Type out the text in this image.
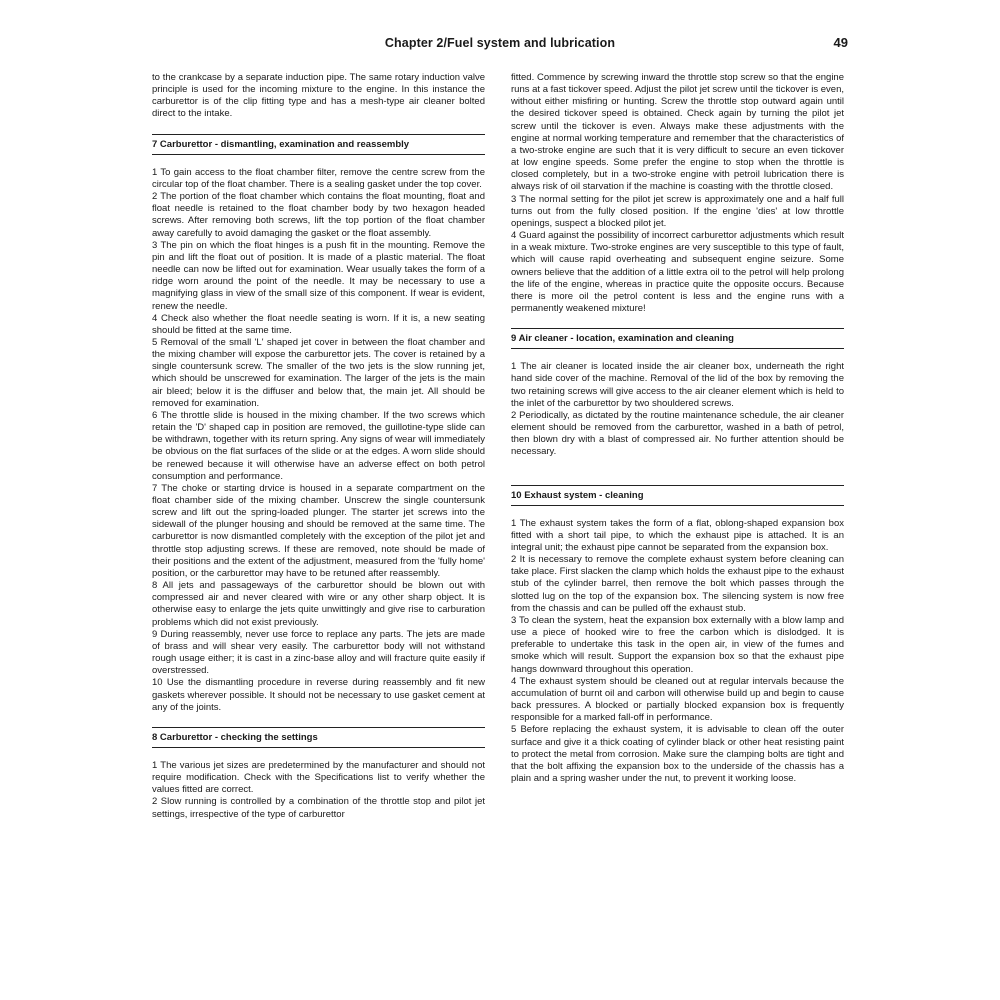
Chapter 2/Fuel system and lubrication	49

to the crankcase by a separate induction pipe. The same rotary induction valve principle is used for the incoming mixture to the engine. In this instance the carburettor is of the clip fitting type and has a mesh-type air cleaner bolted direct to the intake.

7 Carburettor - dismantling, examination and reassembly

1 To gain access to the float chamber filter, remove the centre screw from the circular top of the float chamber. There is a sealing gasket under the top cover.

2 The portion of the float chamber which contains the float mounting, float and float needle is retained to the float chamber body by two hexagon headed screws. After removing both screws, lift the top portion of the float chamber away carefully to avoid damaging the gasket or the float assembly.

3 The pin on which the float hinges is a push fit in the mounting. Remove the pin and lift the float out of position. It is made of a plastic material. The float needle can now be lifted out for examination. Wear usually takes the form of a ridge worn around the point of the needle. It may be necessary to use a magnifying glass in view of the small size of this component. If wear is evident, renew the needle.

4 Check also whether the float needle seating is worn. If it is, a new seating should be fitted at the same time.

5 Removal of the small 'L' shaped jet cover in between the float chamber and the mixing chamber will expose the carburettor jets. The cover is retained by a single countersunk screw. The smaller of the two jets is the slow running jet, which should be unscrewed for examination. The larger of the jets is the main air bleed; below it is the diffuser and below that, the main jet. All should be removed for examination.

6 The throttle slide is housed in the mixing chamber. If the two screws which retain the 'D' shaped cap in position are removed, the guillotine-type slide can be withdrawn, together with its return spring. Any signs of wear will immediately be obvious on the flat surfaces of the slide or at the edges. A worn slide should be renewed because it will otherwise have an adverse effect on both petrol consumption and performance.

7 The choke or starting drvice is housed in a separate compartment on the float chamber side of the mixing chamber. Unscrew the single countersunk screw and lift out the spring-loaded plunger. The starter jet screws into the sidewall of the plunger housing and should be removed at the same time. The carburettor is now dismantled completely with the exception of the pilot jet and throttle stop adjusting screws. If these are removed, note should be made of their positions and the extent of the adjustment, measured from the 'fully home' position, or the carburettor may have to be retuned after reassembly.

8 All jets and passageways of the carburettor should be blown out with compressed air and never cleared with wire or any other sharp object. It is otherwise easy to enlarge the jets quite unwittingly and give rise to carburation problems which did not exist previously.

9 During reassembly, never use force to replace any parts. The jets are made of brass and will shear very easily. The carburettor body will not withstand rough usage either; it is cast in a zinc-base alloy and will fracture quite easily if overstressed.

10 Use the dismantling procedure in reverse during reassembly and fit new gaskets wherever possible. It should not be necessary to use gasket cement at any of the joints.

8 Carburettor - checking the settings

1 The various jet sizes are predetermined by the manufacturer and should not require modification. Check with the Specifications list to verify whether the values fitted are correct.

2 Slow running is controlled by a combination of the throttle stop and pilot jet settings, irrespective of the type of carburettor

fitted. Commence by screwing inward the throttle stop screw so that the engine runs at a fast tickover speed. Adjust the pilot jet screw until the tickover is even, without either misfiring or hunting. Screw the throttle stop outward again until the desired tickover speed is obtained. Check again by turning the pilot jet screw until the tickover is even. Always make these adjustments with the engine at normal working temperature and remember that the characteristics of a two-stroke engine are such that it is very difficult to secure an even tickover at low engine speeds. Some prefer the engine to stop when the throttle is closed completely, but in a two-stroke engine with petroil lubrication there is always risk of oil starvation if the machine is coasting with the throttle closed.

3 The normal setting for the pilot jet screw is approximately one and a half full turns out from the fully closed position. If the engine 'dies' at low throttle openings, suspect a blocked pilot jet.

4 Guard against the possibility of incorrect carburettor adjustments which result in a weak mixture. Two-stroke engines are very susceptible to this type of fault, which will cause rapid overheating and subsequent engine seizure. Some owners believe that the addition of a little extra oil to the petrol will help prolong the life of the engine, whereas in practice quite the opposite occurs. Because there is more oil the petrol content is less and the engine runs with a permanently weakened mixture!

9 Air cleaner - location, examination and cleaning

1 The air cleaner is located inside the air cleaner box, underneath the right hand side cover of the machine. Removal of the lid of the box by removing the two retaining screws will give access to the air cleaner element which is held to the inlet of the carburettor by two shouldered screws.

2 Periodically, as dictated by the routine maintenance schedule, the air cleaner element should be removed from the carburettor, washed in a bath of petrol, then blown dry with a blast of compressed air. No further attention should be necessary.

10 Exhaust system - cleaning

1 The exhaust system takes the form of a flat, oblong-shaped expansion box fitted with a short tail pipe, to which the exhaust pipe is attached. It is an integral unit; the exhaust pipe cannot be separated from the expansion box.

2 It is necessary to remove the complete exhaust system before cleaning can take place. First slacken the clamp which holds the exhaust pipe to the exhaust stub of the cylinder barrel, then remove the bolt which passes through the slotted lug on the top of the expansion box. The silencing system is now free from the chassis and can be pulled off the exhaust stub.

3 To clean the system, heat the expansion box externally with a blow lamp and use a piece of hooked wire to free the carbon which is dislodged. It is preferable to undertake this task in the open air, in view of the fumes and smoke which will result. Support the expansion box so that the exhaust pipe hangs downward throughout this operation.

4 The exhaust system should be cleaned out at regular intervals because the accumulation of burnt oil and carbon will otherwise build up and begin to cause back pressures. A blocked or partially blocked expansion box is frequently responsible for a marked fall-off in performance.

5 Before replacing the exhaust system, it is advisable to clean off the outer surface and give it a thick coating of cylinder black or other heat resisting paint to protect the metal from corrosion. Make sure the clamping bolts are tight and that the bolt affixing the expansion box to the underside of the chassis has a plain and a spring washer under the nut, to prevent it working loose.
